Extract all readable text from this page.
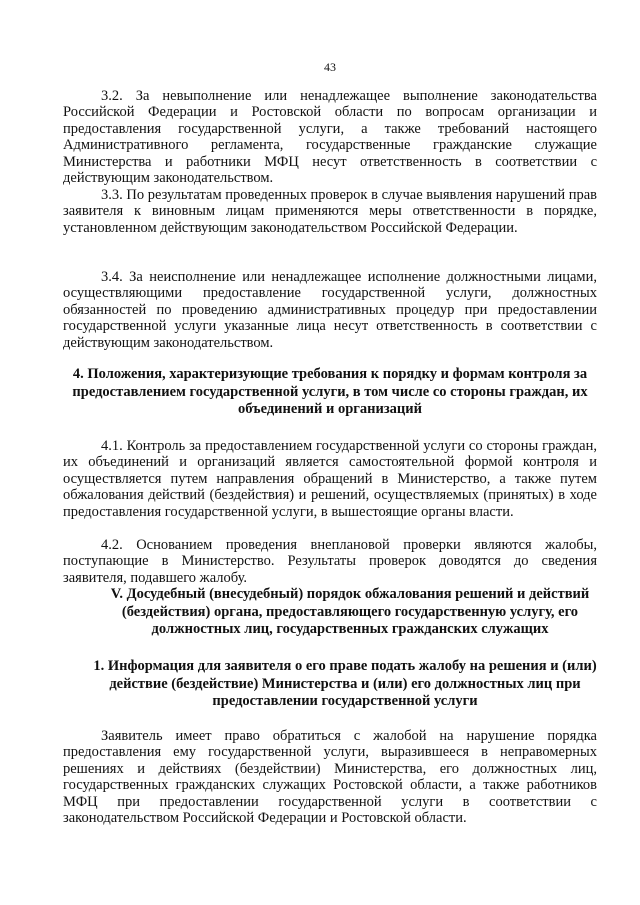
43

3.2. За невыполнение или ненадлежащее выполнение законодательства Российской Федерации и Ростовской области по вопросам организации и предоставления государственной услуги, а также требований настоящего Административного регламента, государственные гражданские служащие Министерства и работники МФЦ несут ответственность в соответствии с действующим законодательством.

3.3. По результатам проведенных проверок в случае выявления нарушений прав заявителя к виновным лицам применяются меры ответственности в порядке, установленном действующим законодательством Российской Федерации.

3.4. За неисполнение или ненадлежащее исполнение должностными лицами, осуществляющими предоставление государственной услуги, должностных обязанностей по проведению административных процедур при предоставлении государственной услуги указанные лица несут ответственность в соответствии с действующим законодательством.

4. Положения, характеризующие требования к порядку и формам контроля за предоставлением государственной услуги, в том числе со стороны граждан, их объединений и организаций

4.1. Контроль за предоставлением государственной услуги со стороны граждан, их объединений и организаций является самостоятельной формой контроля и осуществляется путем направления обращений в Министерство, а также путем обжалования действий (бездействия) и решений, осуществляемых (принятых) в ходе предоставления государственной услуги, в вышестоящие органы власти.

4.2. Основанием проведения внеплановой проверки являются жалобы, поступающие в Министерство. Результаты проверок доводятся до сведения заявителя, подавшего жалобу.

V. Досудебный (внесудебный) порядок обжалования решений и действий (бездействия) органа, предоставляющего государственную услугу, его должностных лиц, государственных гражданских служащих
1. Информация для заявителя о его праве подать жалобу на решения и (или) действие (бездействие) Министерства и (или) его должностных лиц при предоставлении государственной услуги

Заявитель имеет право обратиться с жалобой на нарушение порядка предоставления ему государственной услуги, выразившееся в неправомерных решениях и действиях (бездействии) Министерства, его должностных лиц, государственных гражданских служащих Ростовской области, а также работников МФЦ при предоставлении государственной услуги в соответствии с законодательством Российской Федерации и Ростовской области.
